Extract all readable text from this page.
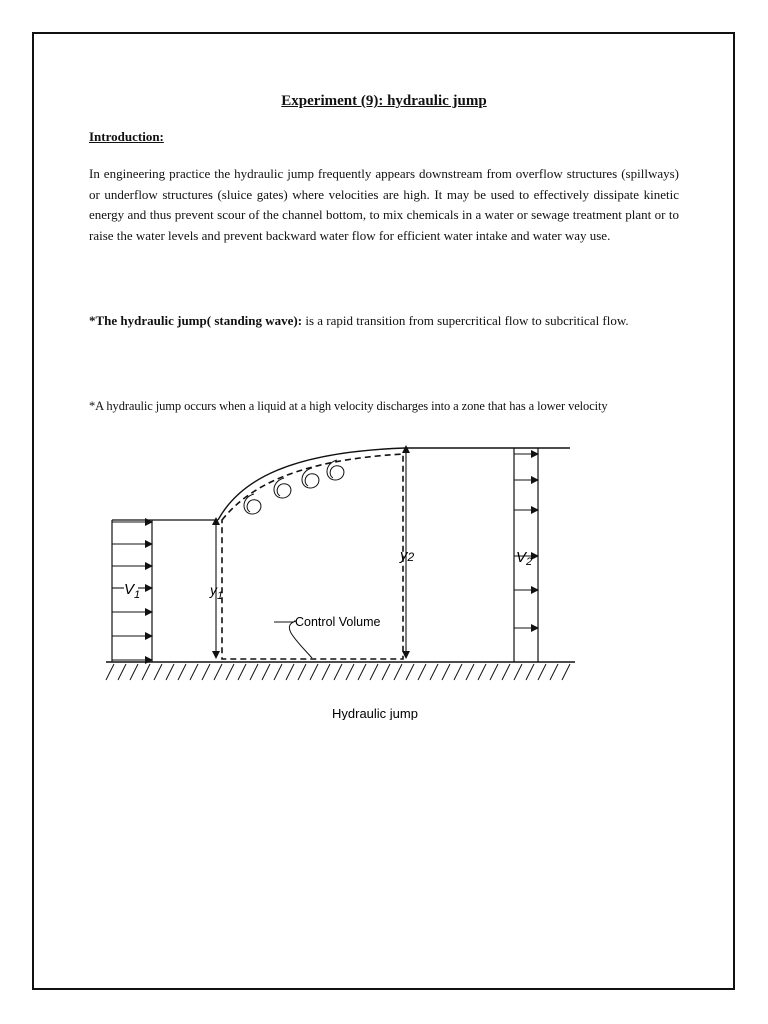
Experiment (9): hydraulic jump
Introduction:
In engineering practice the hydraulic jump frequently appears downstream from overflow structures (spillways) or underflow structures (sluice gates) where velocities are high. It may be used to effectively dissipate kinetic energy and thus prevent scour of the channel bottom, to mix chemicals in a water or sewage treatment plant or to raise the water levels and prevent backward water flow for efficient water intake and water way use.
*The hydraulic jump( standing wave): is a rapid transition from supercritical flow to subcritical flow.
*A hydraulic jump occurs when a liquid at a high velocity discharges into a zone that has a lower velocity
$V_1$	$y_1$
y2	$V_2$
Control Volume
Hydraulic jump
